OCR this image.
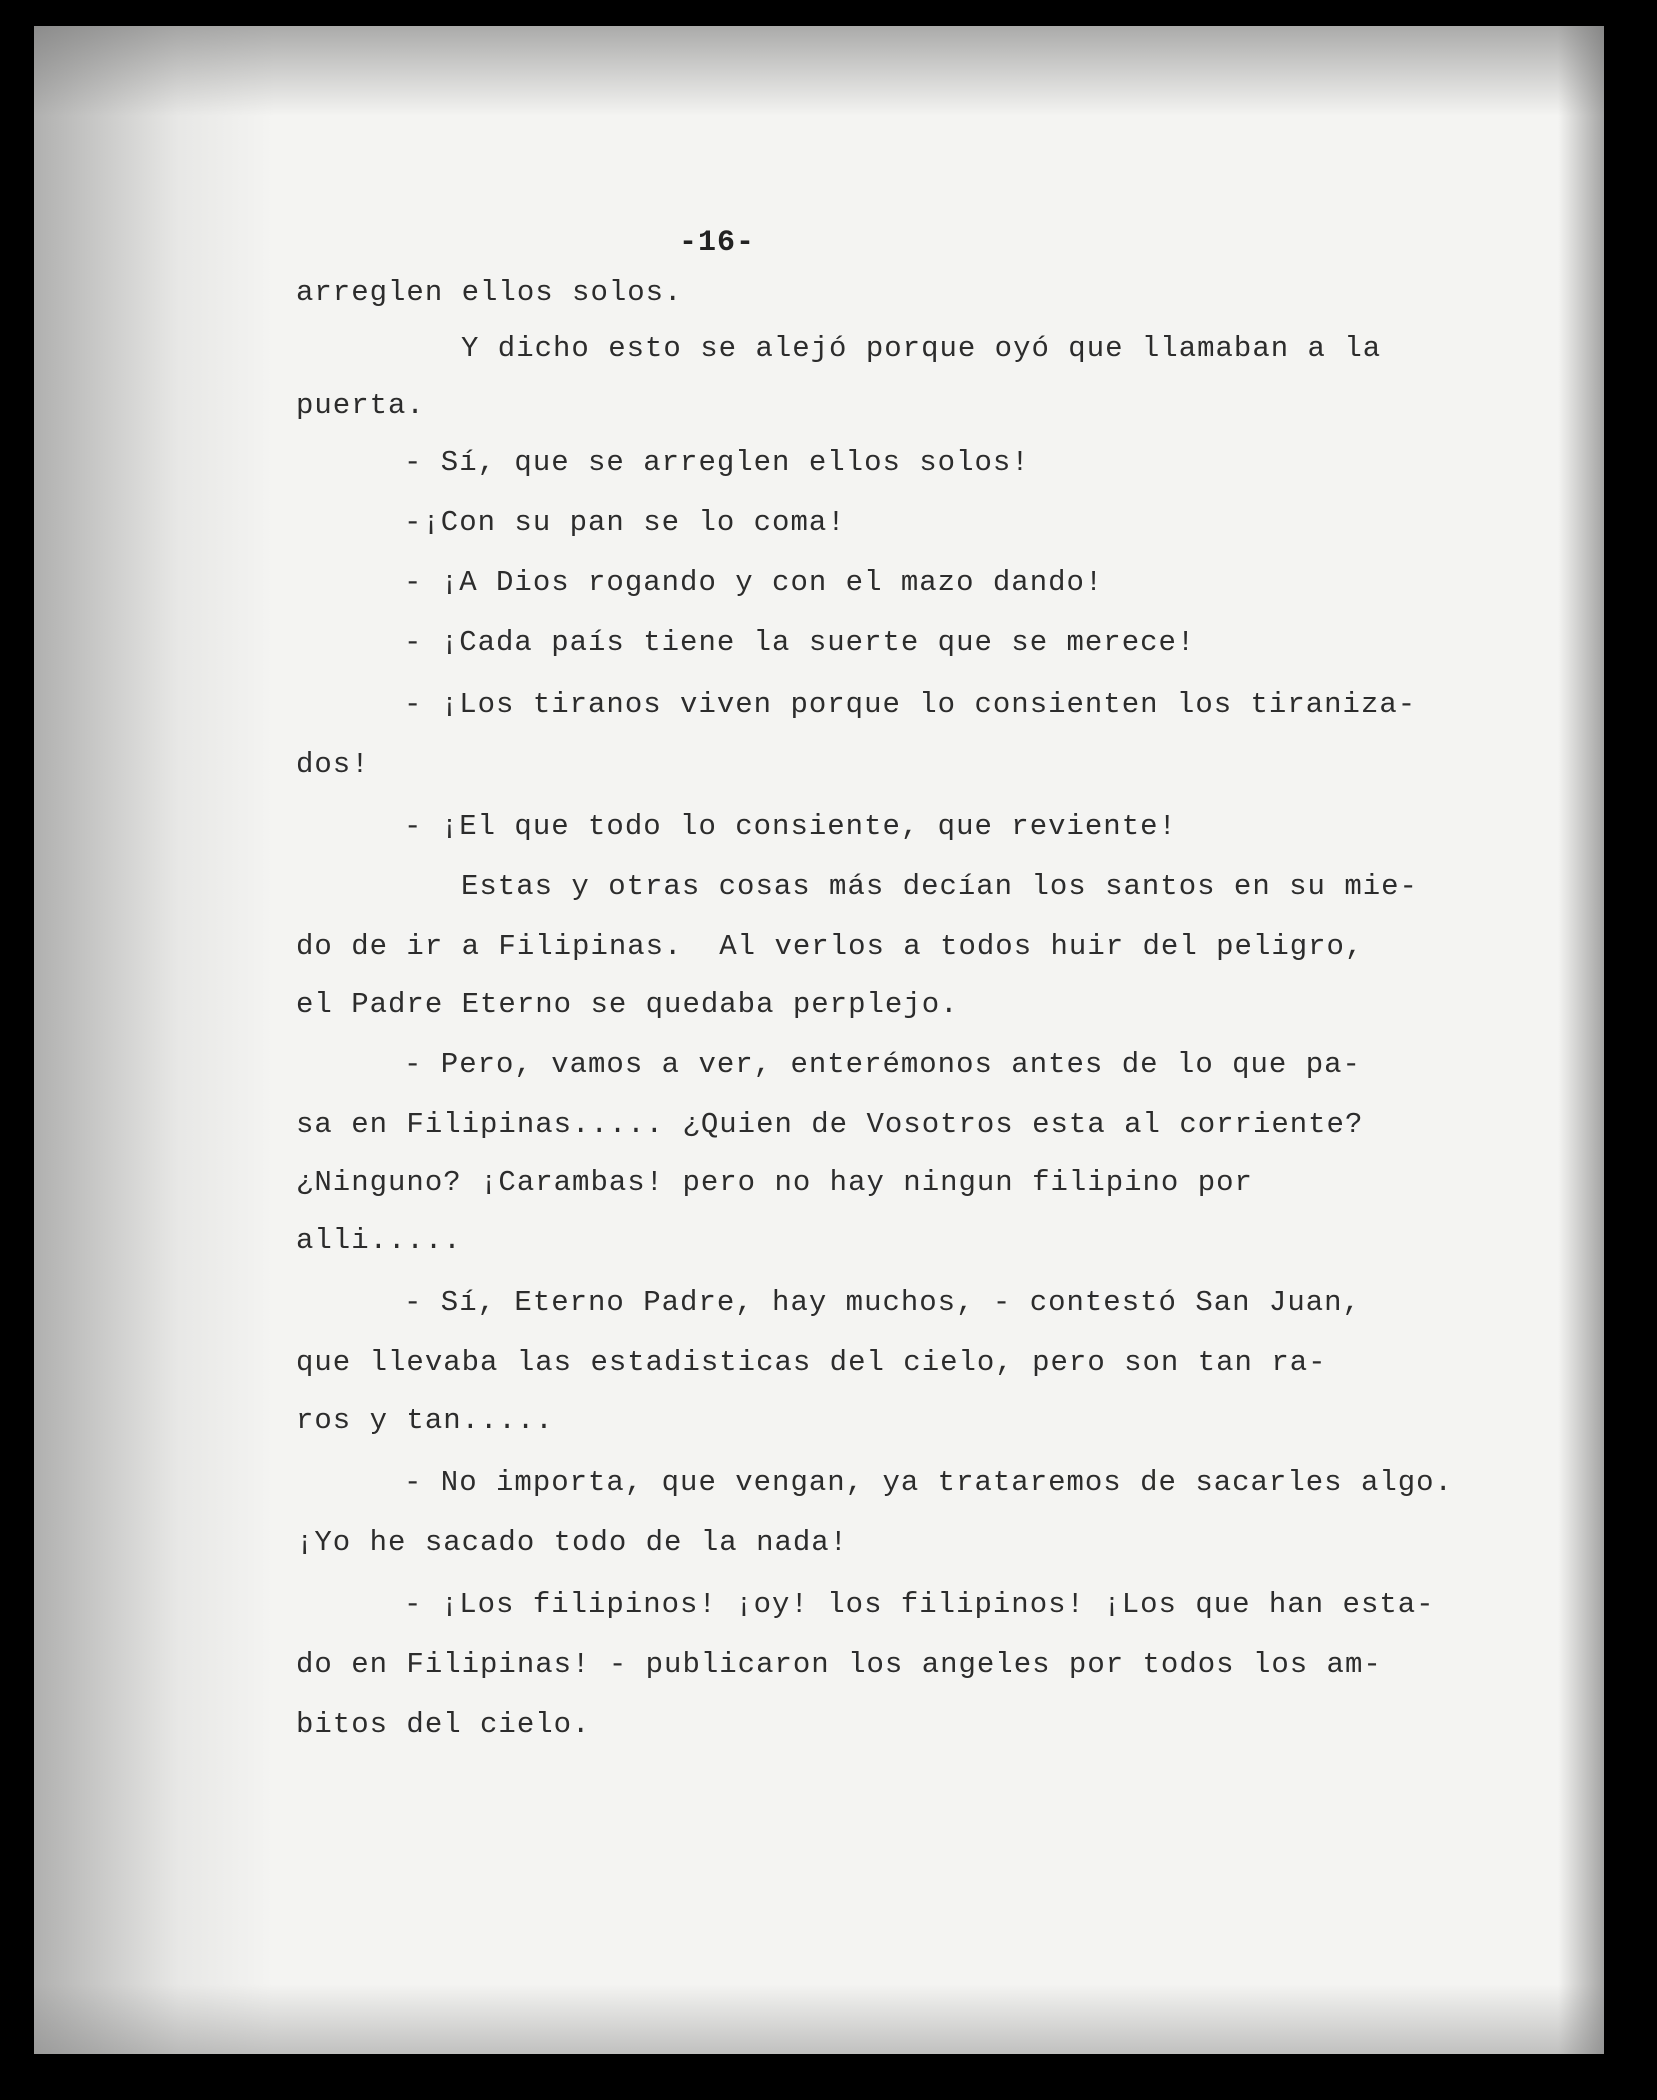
-16-
arreglen ellos solos.
Y dicho esto se alejó porque oyó que llamaban a la
puerta.
- Sí, que se arreglen ellos solos!
-¡Con su pan se lo coma!
- ¡A Dios rogando y con el mazo dando!
- ¡Cada país tiene la suerte que se merece!
- ¡Los tiranos viven porque lo consienten los tiraniza-
dos!
- ¡El que todo lo consiente, que reviente!
Estas y otras cosas más decían los santos en su mie-
do de ir a Filipinas.  Al verlos a todos huir del peligro,
el Padre Eterno se quedaba perplejo.
- Pero, vamos a ver, enterémonos antes de lo que pa-
sa en Filipinas..... ¿Quien de Vosotros esta al corriente?
¿Ninguno? ¡Carambas! pero no hay ningun filipino por
alli.....
- Sí, Eterno Padre, hay muchos, - contestó San Juan,
que llevaba las estadisticas del cielo, pero son tan ra-
ros y tan.....
- No importa, que vengan, ya trataremos de sacarles algo.
¡Yo he sacado todo de la nada!
- ¡Los filipinos! ¡oy! los filipinos! ¡Los que han esta-
do en Filipinas! - publicaron los angeles por todos los am-
bitos del cielo.
